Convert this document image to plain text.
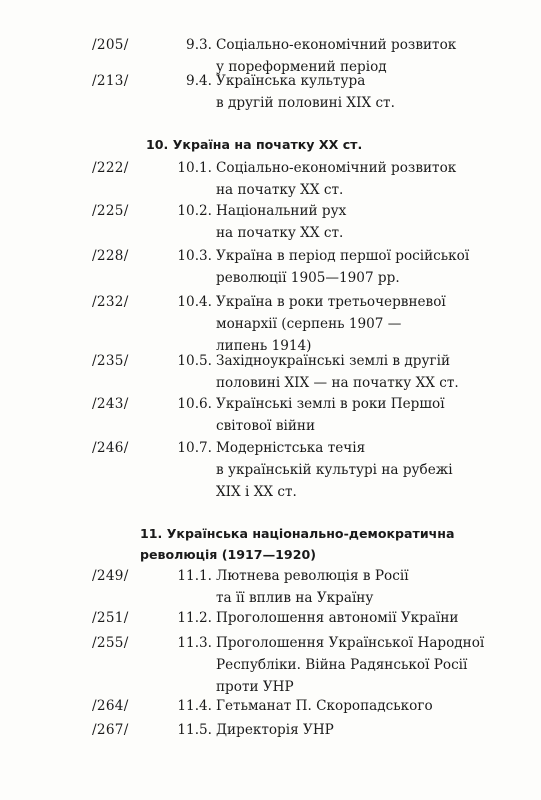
/205/	9.3. Соціально-економічний розвиток
у пореформений період
/213/	9.4. Українська культура
в другій половині XIX ст.
10. Україна на початку XX ст.
/222/	10.1. Соціально-економічний розвиток
на початку XX ст.
/225/	10.2. Національний рух
на початку XX ст.
/228/	10.3. Україна в період першої російської
революції 1905—1907 рр.
/232/	10.4. Україна в роки третьочервневої
монархії (серпень 1907 —
липень 1914)
/235/	10.5. Західноукраїнські землі в другій
половині XIX — на початку XX ст.
/243/	10.6. Українські землі в роки Першої
світової війни
/246/	10.7. Модерністська течія
в українській культурі на рубежі
XIX і XX ст.
11. Українська національно-демократична
революція (1917—1920)
/249/	11.1. Лютнева революція в Росії
та її вплив на Україну
/251/	11.2. Проголошення автономії України
/255/	11.3. Проголошення Української Народної
Республіки. Війна Радянської Росії
проти УНР
/264/	11.4. Гетьманат П. Скоропадського
/267/	11.5. Директорія УНР
